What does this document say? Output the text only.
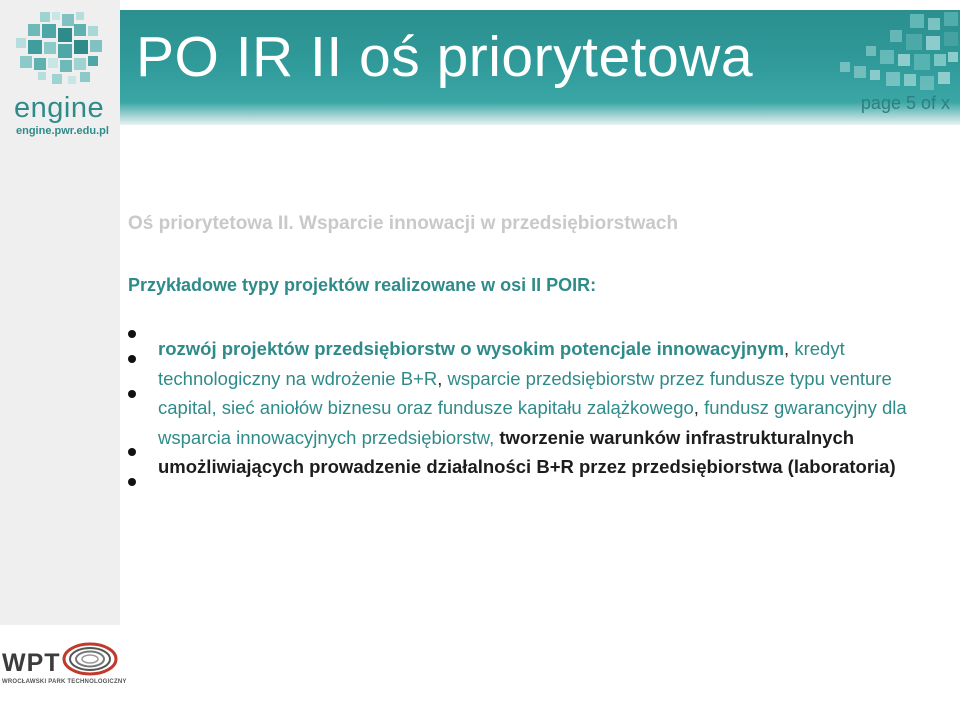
engine
engine.pwr.edu.pl
WPT
WROCŁAWSKI PARK TECHNOLOGICZNY
PO IR II oś priorytetowa
page 5 of x
Oś priorytetowa II. Wsparcie innowacji w przedsiębiorstwach
Przykładowe typy projektów realizowane w osi II POIR:
rozwój projektów przedsiębiorstw o wysokim potencjale innowacyjnym, kredyt technologiczny na wdrożenie B+R, wsparcie przedsiębiorstw przez fundusze typu venture capital, sieć aniołów biznesu oraz fundusze kapitału zalążkowego, fundusz gwarancyjny dla wsparcia innowacyjnych przedsiębiorstw, tworzenie warunków infrastrukturalnych umożliwiających prowadzenie działalności B+R przez przedsiębiorstwa (laboratoria)
